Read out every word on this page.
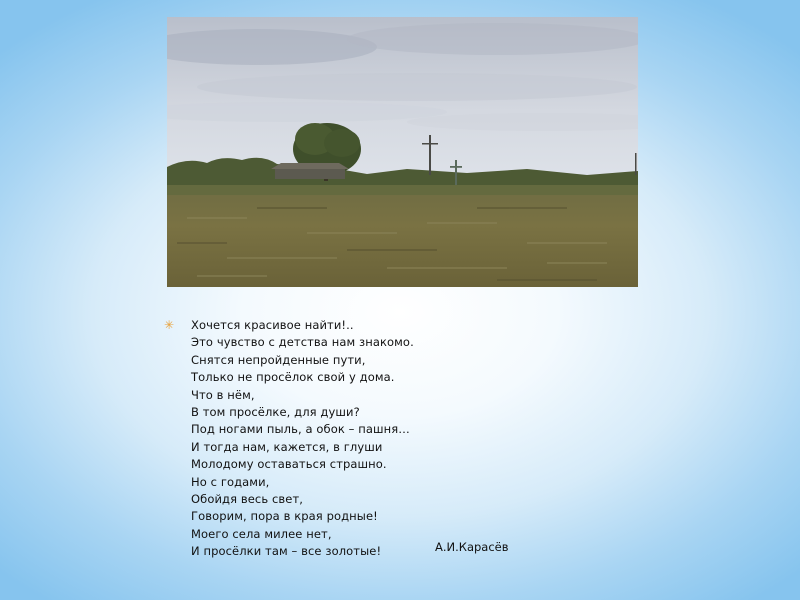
✳ Хочется красивое найти!..
Это чувство с детства нам знакомо.
Снятся непройденные пути,
Только не просёлок свой у дома.
Что в нём,
В том просёлке, для души?
Под ногами пыль, а обок – пашня…
И тогда нам, кажется, в глуши
Молодому оставаться страшно.
Но с годами,
Обойдя весь свет,
Говорим, пора в края родные!
Моего села милее нет,
И просёлки там – все золотые!	А.И.Карасёв
